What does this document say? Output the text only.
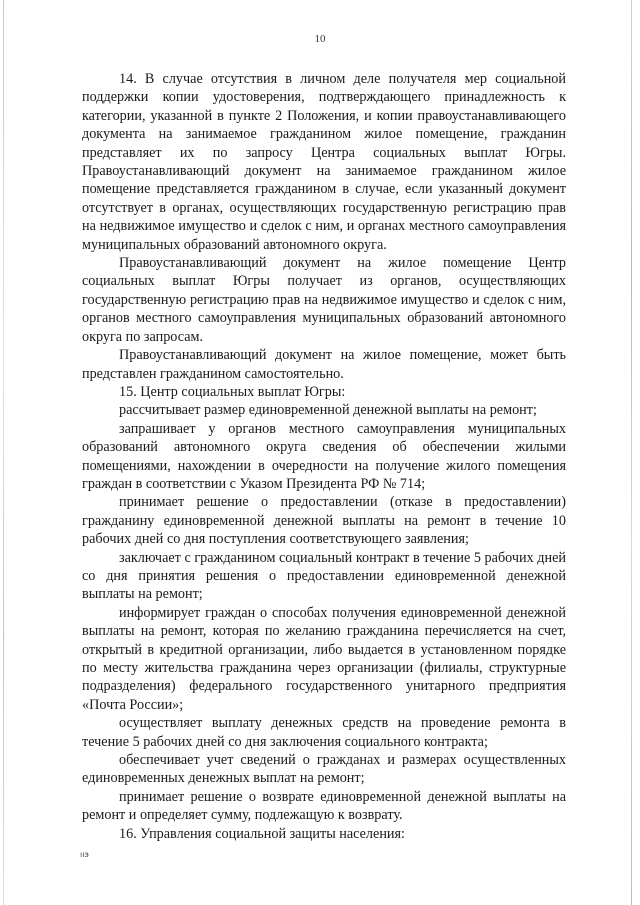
10

14. В случае отсутствия в личном деле получателя мер социальной поддержки копии удостоверения, подтверждающего принадлежность к категории, указанной в пункте 2 Положения, и копии правоустанавливающего документа на занимаемое гражданином жилое помещение, гражданин представляет их по запросу Центра социальных выплат Югры. Правоустанавливающий документ на занимаемое гражданином жилое помещение представляется гражданином в случае, если указанный документ отсутствует в органах, осуществляющих государственную регистрацию прав на недвижимое имущество и сделок с ним, и органах местного самоуправления муниципальных образований автономного округа.

Правоустанавливающий документ на жилое помещение Центр социальных выплат Югры получает из органов, осуществляющих государственную регистрацию прав на недвижимое имущество и сделок с ним, органов местного самоуправления муниципальных образований автономного округа по запросам.

Правоустанавливающий документ на жилое помещение, может быть представлен гражданином самостоятельно.

15. Центр социальных выплат Югры:

рассчитывает размер единовременной денежной выплаты на ремонт;

запрашивает у органов местного самоуправления муниципальных образований автономного округа сведения об обеспечении жилыми помещениями, нахождении в очередности на получение жилого помещения граждан в соответствии с Указом Президента РФ № 714;

принимает решение о предоставлении (отказе в предоставлении) гражданину единовременной денежной выплаты на ремонт в течение 10 рабочих дней со дня поступления соответствующего заявления;

заключает с гражданином социальный контракт в течение 5 рабочих дней со дня принятия решения о предоставлении единовременной денежной выплаты на ремонт;

информирует граждан о способах получения единовременной денежной выплаты на ремонт, которая по желанию гражданина перечисляется на счет, открытый в кредитной организации, либо выдается в установленном порядке по месту жительства гражданина через организации (филиалы, структурные подразделения) федерального государственного унитарного предприятия «Почта России»;

осуществляет выплату денежных средств на проведение ремонта в течение 5 рабочих дней со дня заключения социального контракта;

обеспечивает учет сведений о гражданах и размерах осуществленных единовременных денежных выплат на ремонт;

принимает решение о возврате единовременной денежной выплаты на ремонт и определяет сумму, подлежащую к возврату.

16. Управления социальной защиты населения:

ııэ
